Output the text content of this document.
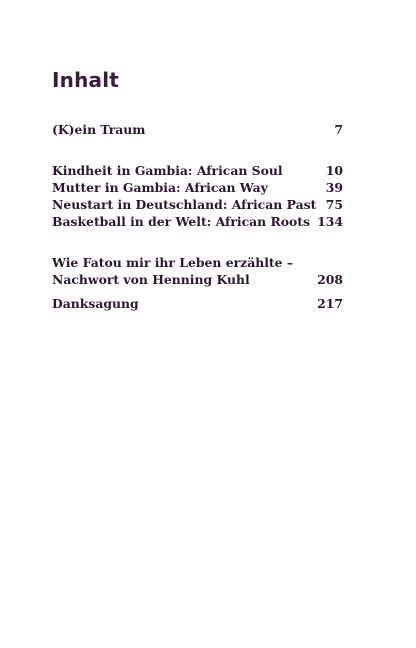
Inhalt
(K)ein Traum	7
Kindheit in Gambia: African Soul	10
Mutter in Gambia: African Way	39
Neustart in Deutschland: African Past 75
Basketball in der Welt: African Roots 134
Wie Fatou mir ihr Leben erzählte –
Nachwort von Henning Kuhl	208
Danksagung	217
